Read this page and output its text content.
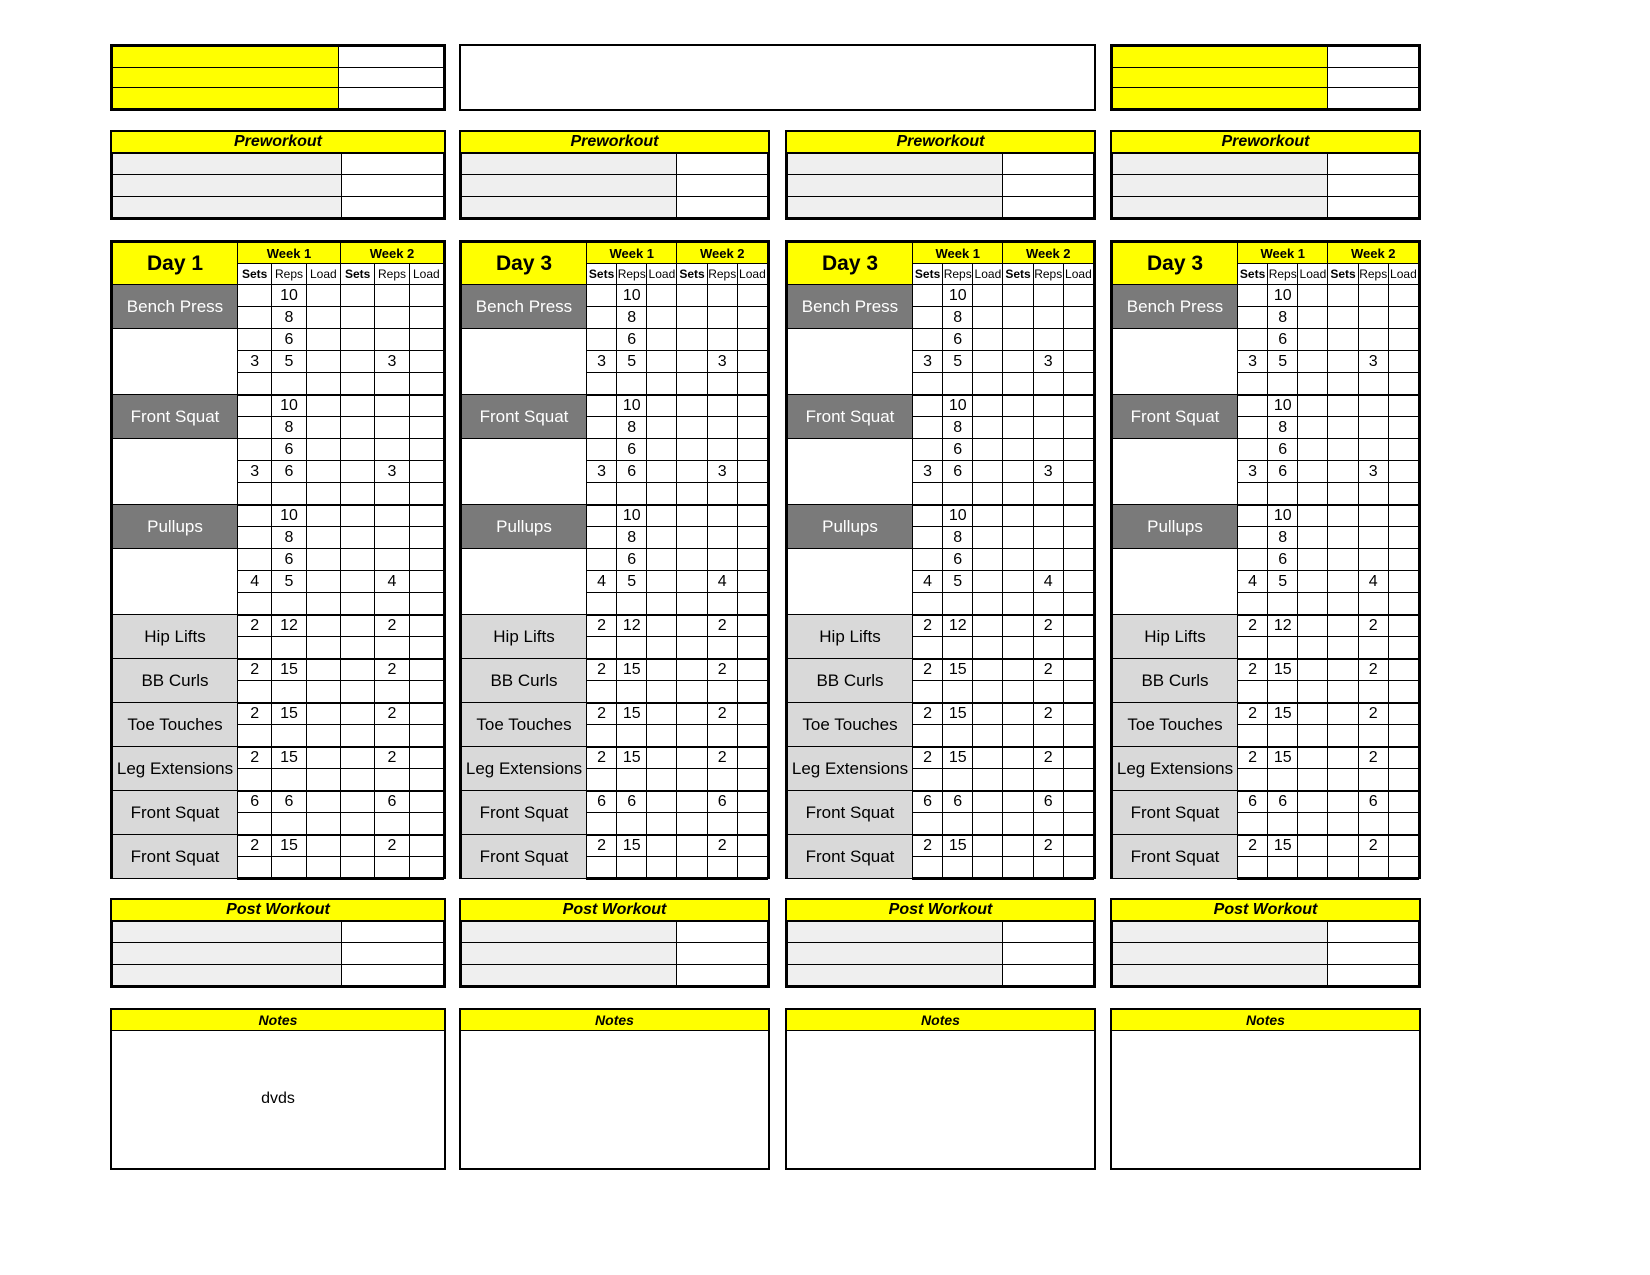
Preworkout

Day 1	Week 1			Week 2		
	Sets	Reps	Load	Sets	Reps	Load
Bench Press		10				
		8				
		6				
	3	5			3	

Front Squat		10				
		8				
		6				
	3	6			3	

Pullups		10				
		8				
		6				
	4	5			4	

Hip Lifts	2	12			2	

BB Curls	2	15			2	

Toe Touches	2	15			2	

Leg Extensions	2	15			2	

Front Squat	6	6			6	

Front Squat	2	15			2	

Post Workout

Notes
dvds
Preworkout

Day 3	Week 1			Week 2		
	Sets	Reps	Load	Sets	Reps	Load
Bench Press		10				
		8				
		6				
	3	5			3	

Front Squat		10				
		8				
		6				
	3	6			3	

Pullups		10				
		8				
		6				
	4	5			4	

Hip Lifts	2	12			2	

BB Curls	2	15			2	

Toe Touches	2	15			2	

Leg Extensions	2	15			2	

Front Squat	6	6			6	

Front Squat	2	15			2	

Post Workout

Notes
Preworkout

Day 3	Week 1			Week 2		
	Sets	Reps	Load	Sets	Reps	Load
Bench Press		10				
		8				
		6				
	3	5			3	

Front Squat		10				
		8				
		6				
	3	6			3	

Pullups		10				
		8				
		6				
	4	5			4	

Hip Lifts	2	12			2	

BB Curls	2	15			2	

Toe Touches	2	15			2	

Leg Extensions	2	15			2	

Front Squat	6	6			6	

Front Squat	2	15			2	

Post Workout

Notes
Preworkout

Day 3	Week 1			Week 2		
	Sets	Reps	Load	Sets	Reps	Load
Bench Press		10				
		8				
		6				
	3	5			3	

Front Squat		10				
		8				
		6				
	3	6			3	

Pullups		10				
		8				
		6				
	4	5			4	

Hip Lifts	2	12			2	

BB Curls	2	15			2	

Toe Touches	2	15			2	

Leg Extensions	2	15			2	

Front Squat	6	6			6	

Front Squat	2	15			2	

Post Workout

Notes
